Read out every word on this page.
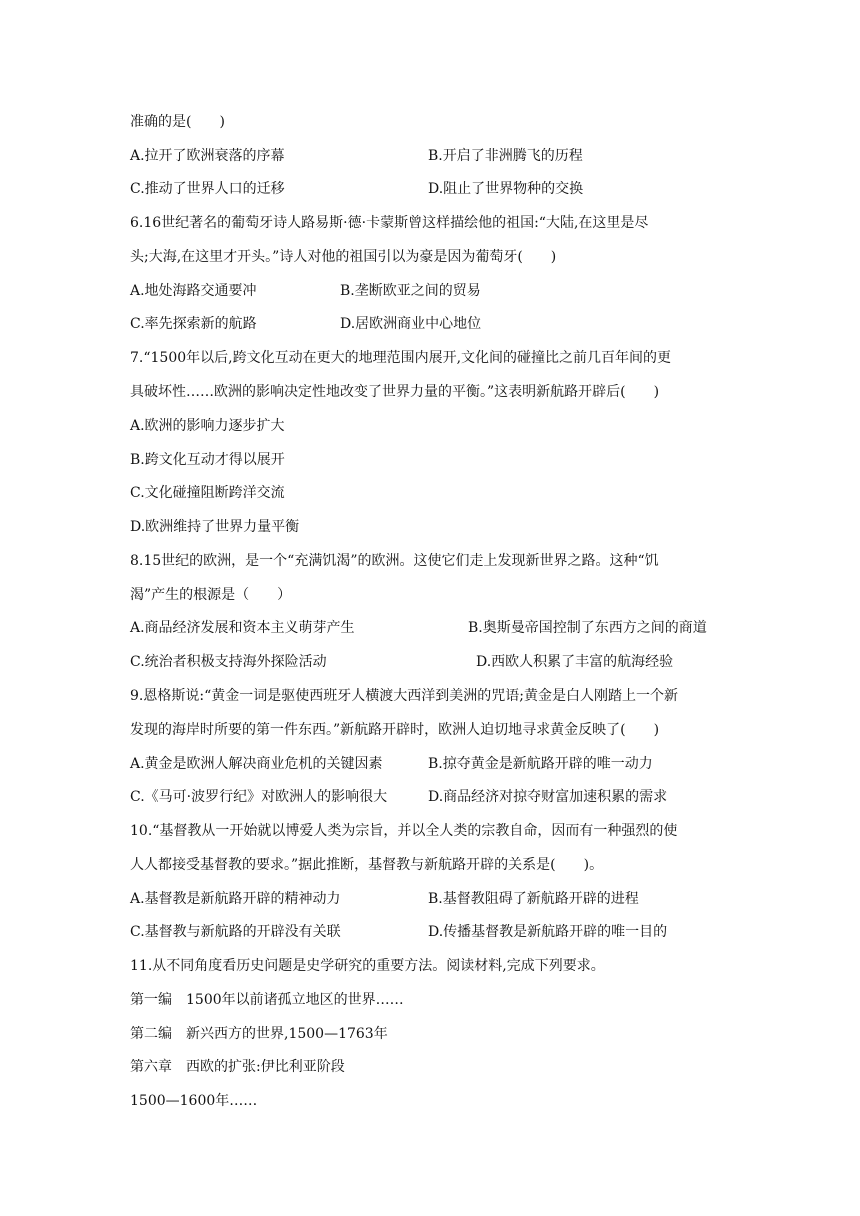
准确的是(　　)
A.拉开了欧洲衰落的序幕	B.开启了非洲腾飞的历程
C.推动了世界人口的迁移	D.阻止了世界物种的交换
6.16世纪著名的葡萄牙诗人路易斯·德·卡蒙斯曾这样描绘他的祖国:“大陆,在这里是尽
头;大海,在这里才开头。”诗人对他的祖国引以为豪是因为葡萄牙(　　)
A.地处海路交通要冲	B.垄断欧亚之间的贸易
C.率先探索新的航路	D.居欧洲商业中心地位
7.“1500年以后,跨文化互动在更大的地理范围内展开,文化间的碰撞比之前几百年间的更
具破坏性……欧洲的影响决定性地改变了世界力量的平衡。”这表明新航路开辟后(　　)
A.欧洲的影响力逐步扩大
B.跨文化互动才得以展开
C.文化碰撞阻断跨洋交流
D.欧洲维持了世界力量平衡
8.15世纪的欧洲，是一个“充满饥渴”的欧洲。这使它们走上发现新世界之路。这种“饥
渴”产生的根源是（　　）
A.商品经济发展和资本主义萌芽产生	B.奥斯曼帝国控制了东西方之间的商道
C.统治者积极支持海外探险活动	D.西欧人积累了丰富的航海经验
9.恩格斯说:“黄金一词是驱使西班牙人横渡大西洋到美洲的咒语;黄金是白人刚踏上一个新
发现的海岸时所要的第一件东西。”新航路开辟时，欧洲人迫切地寻求黄金反映了(　　)
A.黄金是欧洲人解决商业危机的关键因素	B.掠夺黄金是新航路开辟的唯一动力
C.《马可·波罗行纪》对欧洲人的影响很大	D.商品经济对掠夺财富加速积累的需求
10.“基督教从一开始就以博爱人类为宗旨，并以全人类的宗教自命，因而有一种强烈的使
人人都接受基督教的要求。”据此推断，基督教与新航路开辟的关系是(　　)。
A.基督教是新航路开辟的精神动力	B.基督教阻碍了新航路开辟的进程
C.基督教与新航路的开辟没有关联	D.传播基督教是新航路开辟的唯一目的
11.从不同角度看历史问题是史学研究的重要方法。阅读材料,完成下列要求。
第一编　1500年以前诸孤立地区的世界……
第二编　新兴西方的世界,1500—1763年
第六章　西欧的扩张:伊比利亚阶段
1500—1600年……
